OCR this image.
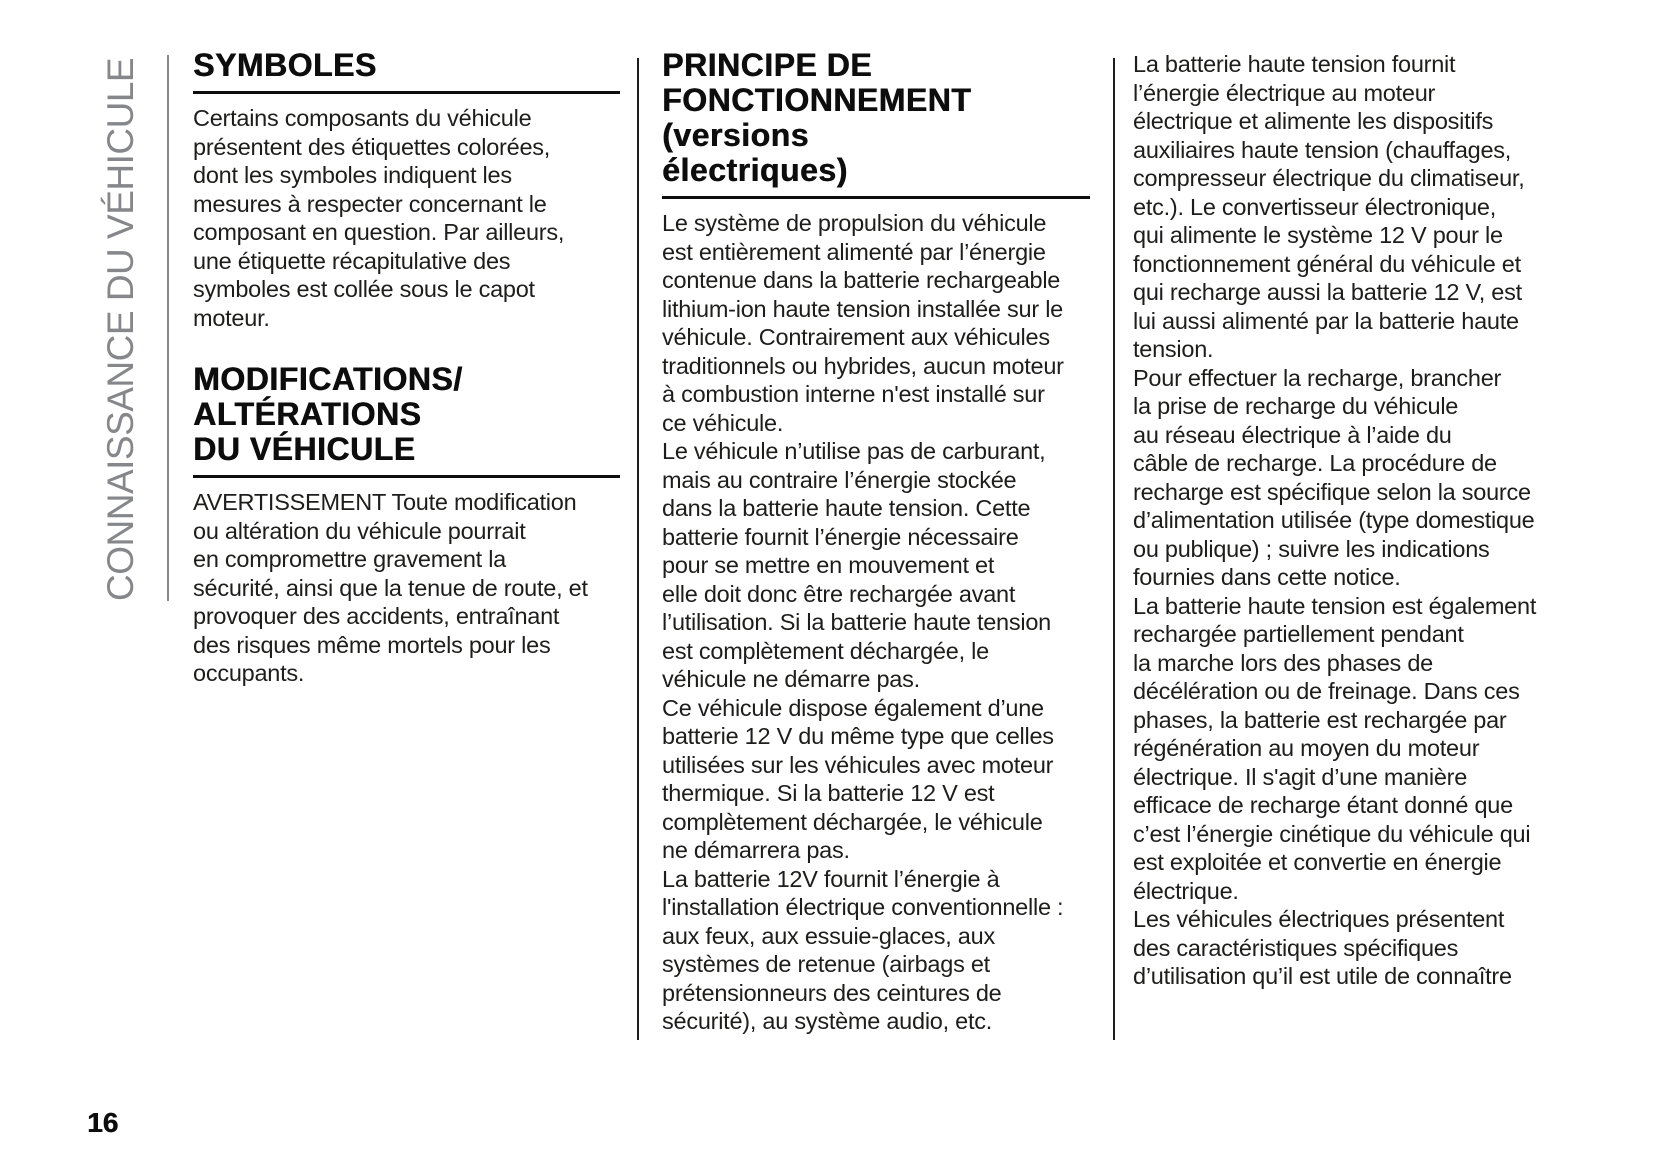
CONNAISSANCE DU VÉHICULE SYMBOLES
Certains composants du véhicule
présentent des étiquettes colorées,
dont les symboles indiquent les
mesures à respecter concernant le
composant en question. Par ailleurs,
une étiquette récapitulative des
symboles est collée sous le capot
moteur.
MODIFICATIONS/
ALTÉRATIONS
DU VÉHICULE
AVERTISSEMENT Toute modification
ou altération du véhicule pourrait
en compromettre gravement la
sécurité, ainsi que la tenue de route, et
provoquer des accidents, entraînant
des risques même mortels pour les
occupants.
PRINCIPE DE
FONCTIONNEMENT
(versions
électriques)
Le système de propulsion du véhicule
est entièrement alimenté par l’énergie
contenue dans la batterie rechargeable
lithium-ion haute tension installée sur le
véhicule. Contrairement aux véhicules
traditionnels ou hybrides, aucun moteur
à combustion interne n'est installé sur
ce véhicule.
Le véhicule n’utilise pas de carburant,
mais au contraire l’énergie stockée
dans la batterie haute tension. Cette
batterie fournit l’énergie nécessaire
pour se mettre en mouvement et
elle doit donc être rechargée avant
l’utilisation. Si la batterie haute tension
est complètement déchargée, le
véhicule ne démarre pas.
Ce véhicule dispose également d’une
batterie 12 V du même type que celles
utilisées sur les véhicules avec moteur
thermique. Si la batterie 12 V est
complètement déchargée, le véhicule
ne démarrera pas.
La batterie 12V fournit l’énergie à
l'installation électrique conventionnelle :
aux feux, aux essuie-glaces, aux
systèmes de retenue (airbags et
prétensionneurs des ceintures de
sécurité), au système audio, etc.
La batterie haute tension fournit
l’énergie électrique au moteur
électrique et alimente les dispositifs
auxiliaires haute tension (chauffages,
compresseur électrique du climatiseur,
etc.). Le convertisseur électronique,
qui alimente le système 12 V pour le
fonctionnement général du véhicule et
qui recharge aussi la batterie 12 V, est
lui aussi alimenté par la batterie haute
tension.
Pour effectuer la recharge, brancher
la prise de recharge du véhicule
au réseau électrique à l’aide du
câble de recharge. La procédure de
recharge est spécifique selon la source
d’alimentation utilisée (type domestique
ou publique) ; suivre les indications
fournies dans cette notice.
La batterie haute tension est également
rechargée partiellement pendant
la marche lors des phases de
décélération ou de freinage. Dans ces
phases, la batterie est rechargée par
régénération au moyen du moteur
électrique. Il s'agit d’une manière
efficace de recharge étant donné que
c’est l’énergie cinétique du véhicule qui
est exploitée et convertie en énergie
électrique.
Les véhicules électriques présentent
des caractéristiques spécifiques
d’utilisation qu’il est utile de connaître
16
